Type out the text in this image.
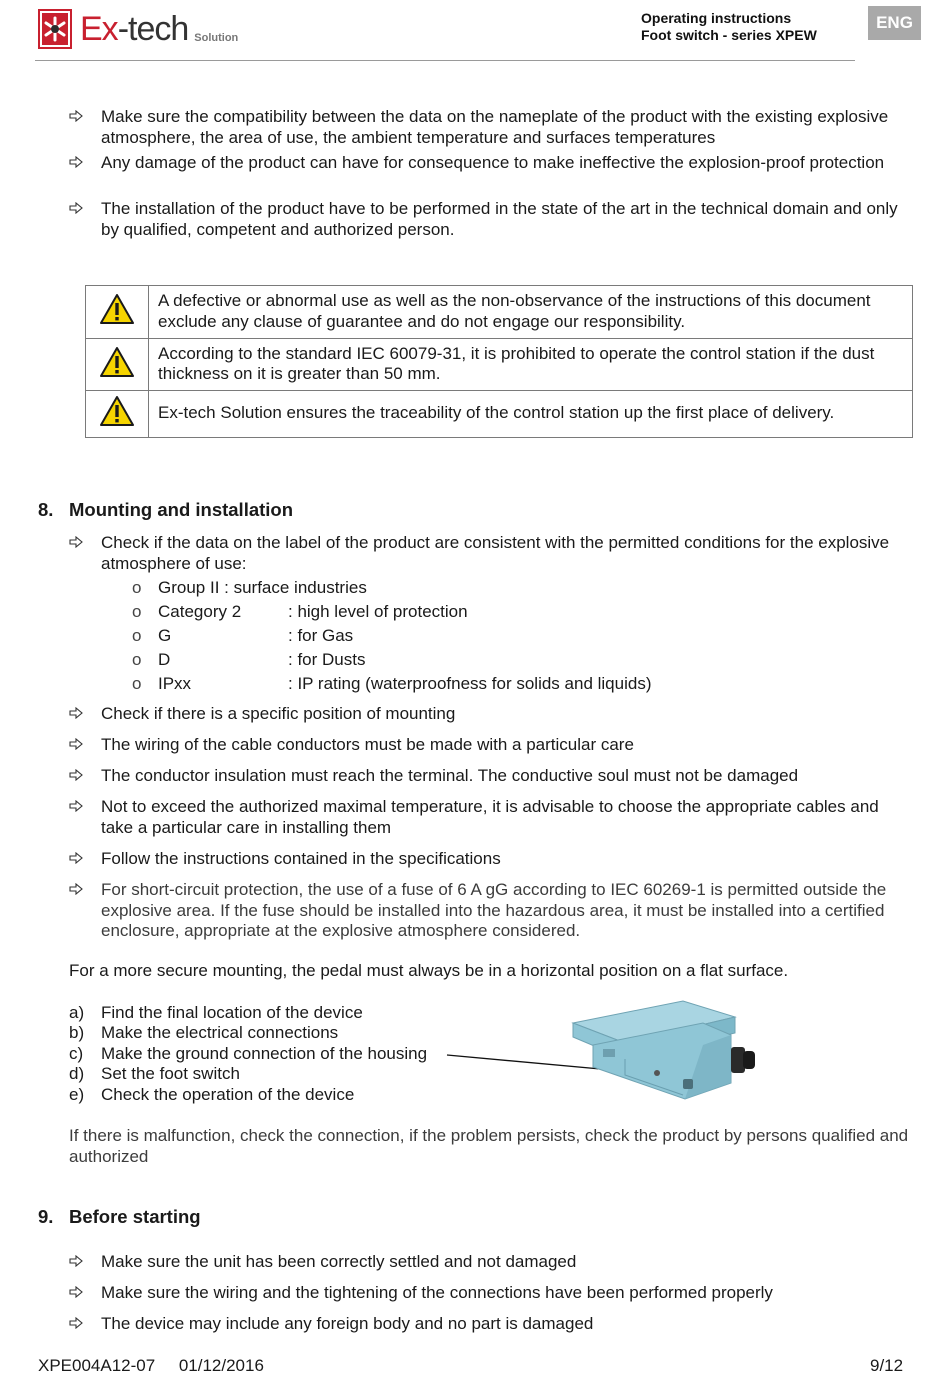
Ex-tech Solution
Operating instructions
Foot switch - series XPEW
ENG
Make sure the compatibility between the data on the nameplate of the product with the existing explosive atmosphere, the area of use, the ambient temperature and surfaces temperatures
Any damage of the product can have for consequence to make ineffective the explosion-proof protection
The installation of the product have to be performed in the state of the art in the technical domain and only by qualified, competent and authorized person.
	A defective or abnormal use as well as the non-observance of the instructions of this document exclude any clause of guarantee and do not engage our responsibility.
	According to the standard IEC 60079-31, it is prohibited to operate the control station if the dust thickness on it is greater than 50 mm.
	Ex-tech Solution ensures the traceability of the control station up the first place of delivery.
8. Mounting and installation
Check if the data on the label of the product are consistent with the permitted conditions for the explosive atmosphere of use:
o Group II : surface industries
o Category 2	: high level of protection
o G	: for Gas
o D	: for Dusts
o IPxx	: IP rating (waterproofness for solids and liquids)
Check if there is a specific position of mounting
The wiring of the cable conductors must be made with a particular care
The conductor insulation must reach the terminal. The conductive soul must not be damaged
Not to exceed the authorized maximal temperature, it is advisable to choose the appropriate cables and take a particular care in installing them
Follow the instructions contained in the specifications
For short-circuit protection, the use of a fuse of 6 A gG according to IEC 60269-1 is permitted outside the explosive area. If the fuse should be installed into the hazardous area, it must be installed into a certified enclosure, appropriate at the explosive atmosphere considered.
For a more secure mounting, the pedal must always be in a horizontal position on a flat surface.
a) Find the final location of the device
b) Make the electrical connections
c)	Make the ground connection of the housing
d) Set the foot switch
e) Check the operation of the device
If there is malfunction, check the connection, if the problem persists, check the product by persons qualified and authorized
9. Before starting
Make sure the unit has been correctly settled and not damaged
Make sure the wiring and the tightening of the connections have been performed properly
The device may include any foreign body and no part is damaged
XPE004A12-07 01/12/2016	9/12
